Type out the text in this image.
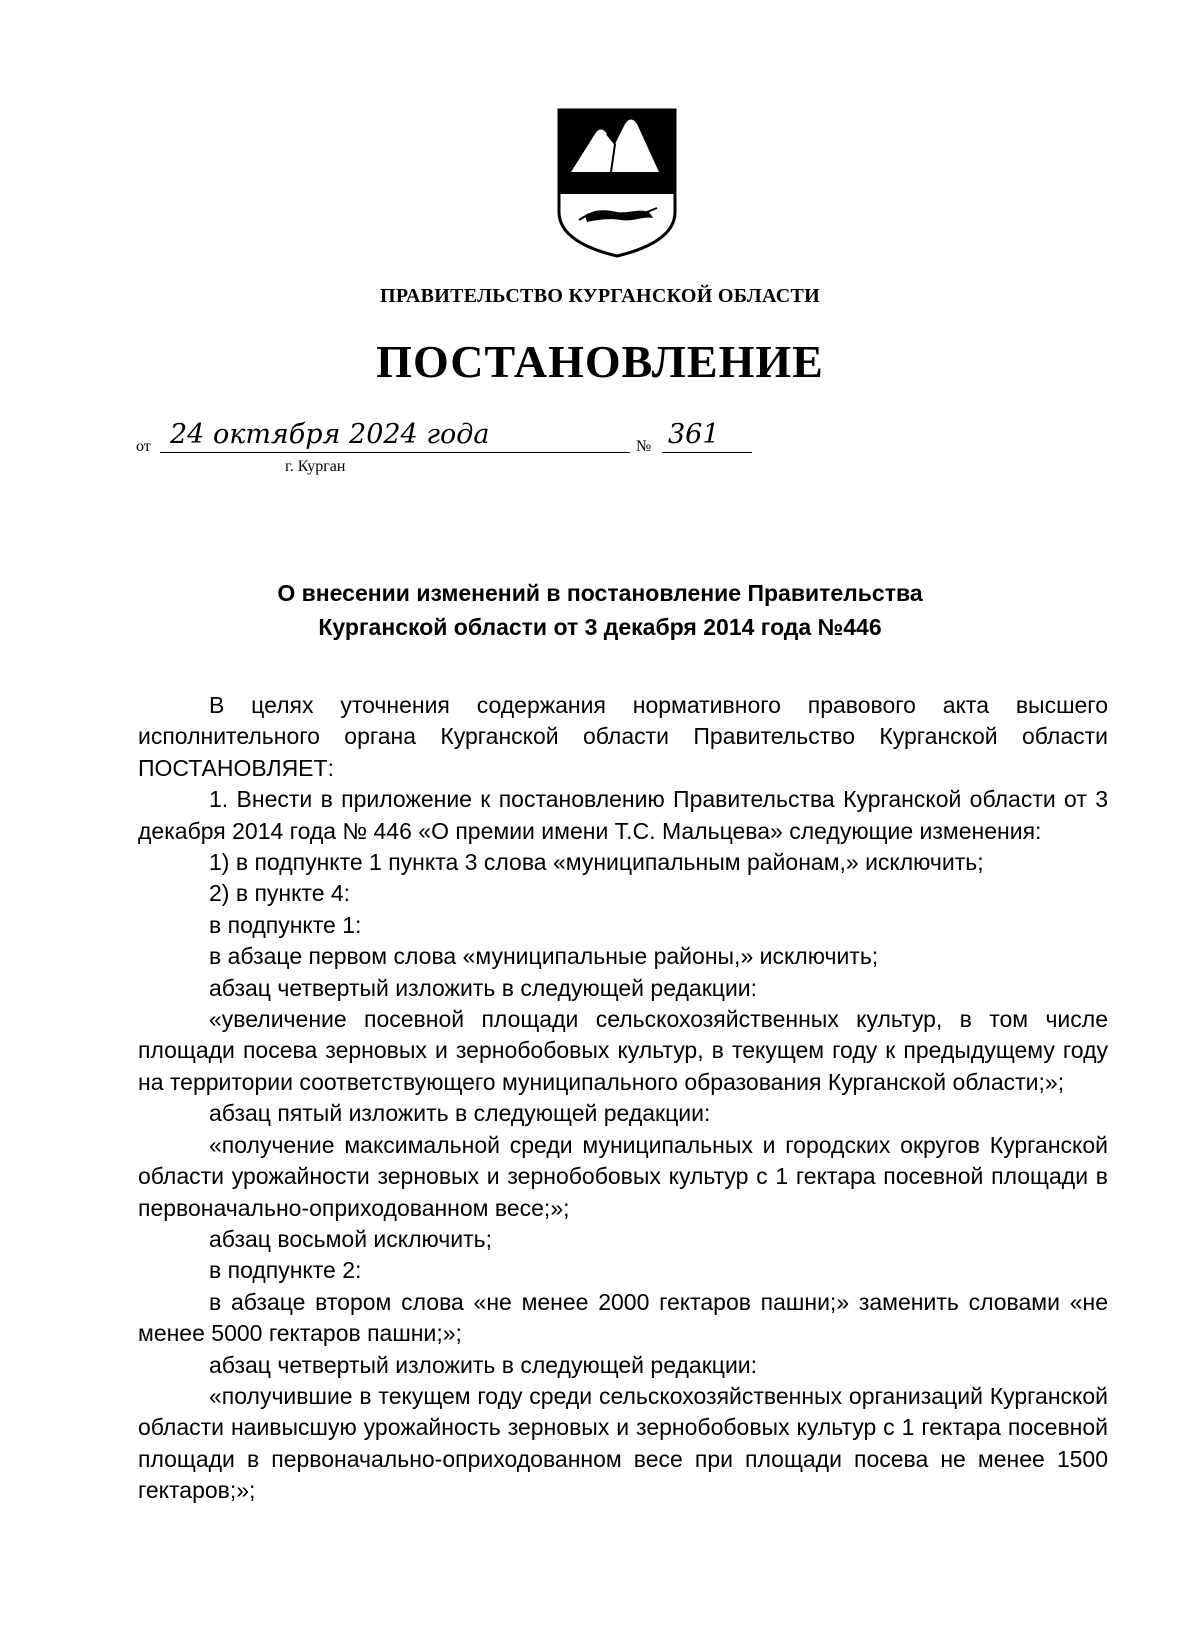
ПРАВИТЕЛЬСТВО КУРГАНСКОЙ ОБЛАСТИ
ПОСТАНОВЛЕНИЕ
от 24 октября 2024 года	№ 361
г. Курган
О внесении изменений в постановление Правительства
Курганской области от 3 декабря 2014 года №446

В целях уточнения содержания нормативного правового акта высшего исполнительного органа Курганской области Правительство Курганской области

ПОСТАНОВЛЯЕТ:

1. Внести в приложение к постановлению Правительства Курганской области от 3 декабря 2014 года № 446 «О премии имени Т.С. Мальцева» следующие изменения:

1) в подпункте 1 пункта 3 слова «муниципальным районам,» исключить;

2) в пункте 4:

в подпункте 1:

в абзаце первом слова «муниципальные районы,» исключить;

абзац четвертый изложить в следующей редакции:

«увеличение посевной площади сельскохозяйственных культур, в том числе площади посева зерновых и зернобобовых культур, в текущем году к предыдущему году на территории соответствующего муниципального образования Курганской области;»;

абзац пятый изложить в следующей редакции:

«получение максимальной среди муниципальных и городских округов Курганской области урожайности зерновых и зернобобовых культур с 1 гектара посевной площади в первоначально-оприходованном весе;»;

абзац восьмой исключить;

в подпункте 2:

в абзаце втором слова «не менее 2000 гектаров пашни;» заменить словами «не менее 5000 гектаров пашни;»;

абзац четвертый изложить в следующей редакции:

«получившие в текущем году среди сельскохозяйственных организаций Курганской области наивысшую урожайность зерновых и зернобобовых культур с 1 гектара посевной площади в первоначально-оприходованном весе при площади посева не менее 1500 гектаров;»;
